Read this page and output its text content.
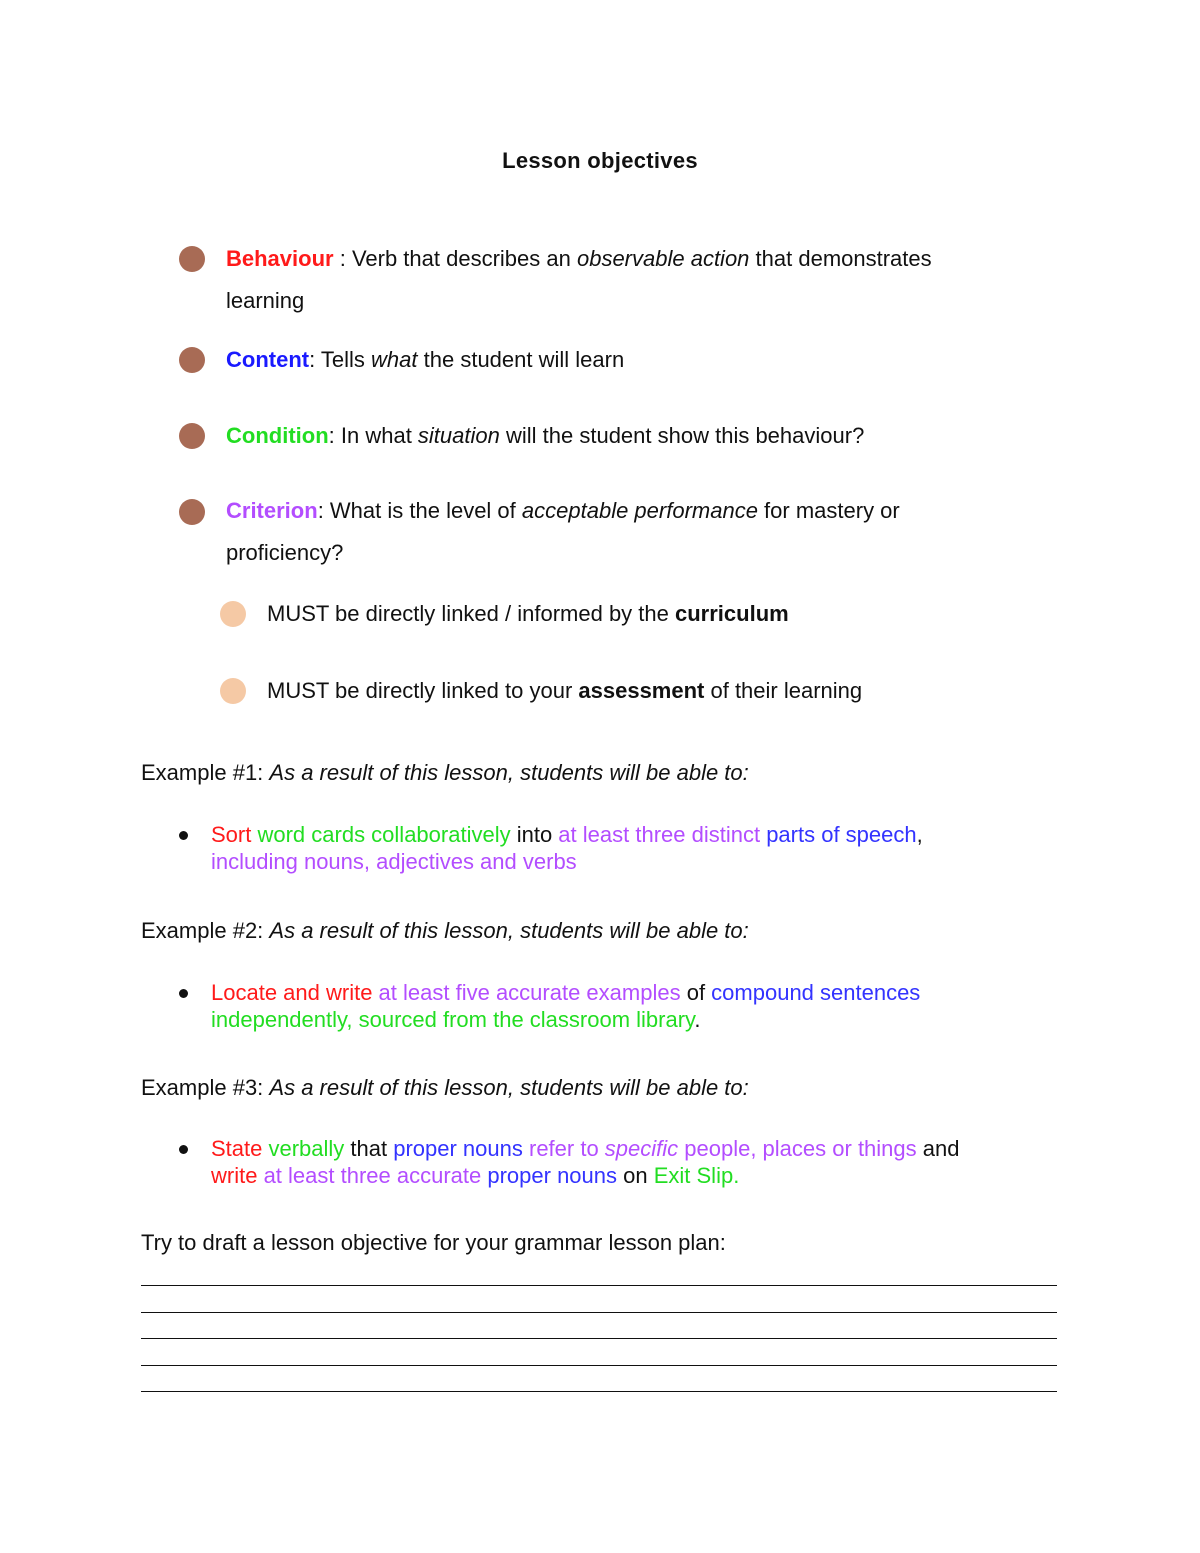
Lesson objectives
Behaviour : Verb that describes an observable action that demonstrates
learning
Content: Tells what the student will learn
Condition: In what situation will the student show this behaviour?
Criterion: What is the level of acceptable performance for mastery or
proficiency?
MUST be directly linked / informed by the curriculum
MUST be directly linked to your assessment of their learning
Example #1: As a result of this lesson, students will be able to:
Sort word cards collaboratively into at least three distinct parts of speech, including nouns, adjectives and verbs
Example #2: As a result of this lesson, students will be able to:
Locate and write at least five accurate examples of compound sentences independently, sourced from the classroom library.
Example #3: As a result of this lesson, students will be able to:
State verbally that proper nouns refer to specific people, places or things and write at least three accurate proper nouns on Exit Slip.
Try to draft a lesson objective for your grammar lesson plan:
